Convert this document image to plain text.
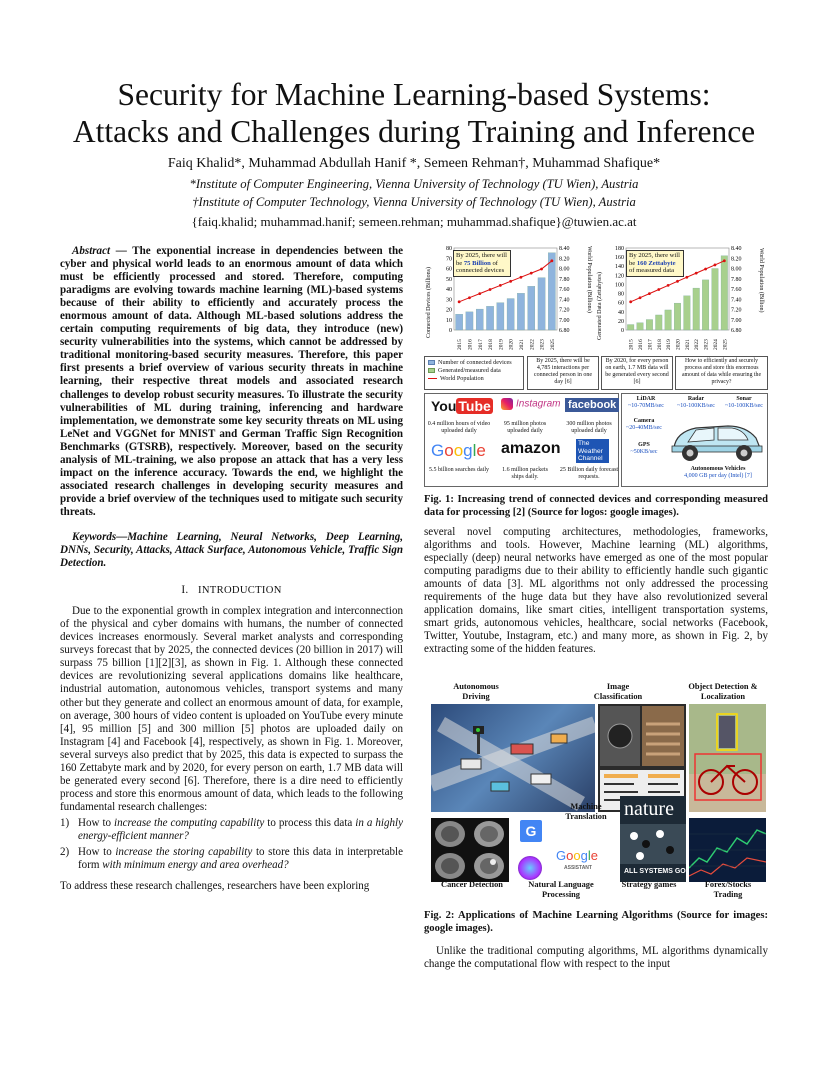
Security for Machine Learning-based Systems:
Attacks and Challenges during Training and Inference
Faiq Khalid*, Muhammad Abdullah Hanif *, Semeen Rehman†, Muhammad Shafique*
*Institute of Computer Engineering, Vienna University of Technology (TU Wien), Austria
†Institute of Computer Technology, Vienna University of Technology (TU Wien), Austria
{faiq.khalid; muhammad.hanif; semeen.rehman; muhammad.shafique}@tuwien.ac.at

Abstract — The exponential increase in dependencies between the cyber and physical world leads to an enormous amount of data which must be efficiently processed and stored. Therefore, computing paradigms are evolving towards machine learning (ML)-based systems because of their ability to efficiently and accurately process the enormous amount of data. Although ML-based solutions address the certain computing requirements of big data, they introduce (new) security vulnerabilities into the systems, which cannot be addressed by traditional monitoring-based security measures. Therefore, this paper first presents a brief overview of various security threats in machine learning, their respective threat models and associated research challenges to develop robust security measures. To illustrate the security vulnerabilities of ML during training, inferencing and hardware implementation, we demonstrate some key security threats on ML using LeNet and VGGNet for MNIST and German Traffic Sign Recognition Benchmarks (GTSRB), respectively. Moreover, based on the security analysis of ML-training, we also propose an attack that has a very less impact on the inference accuracy. Towards the end, we highlight the associated research challenges in developing security measures and provide a brief overview of the techniques used to mitigate such security threats.

Keywords—Machine Learning, Neural Networks, Deep Learning, DNNs, Security, Attacks, Attack Surface, Autonomous Vehicle, Traffic Sign Detection.

I. INTRODUCTION

Due to the exponential growth in complex integration and interconnection of the physical and cyber domains with humans, the number of connected devices increases enormously. Several market analysts and corresponding surveys forecast that by 2025, the connected devices (20 billion in 2017) will surpass 75 billion [1][2][3], as shown in Fig. 1. Although these connected devices are revolutionizing several applications domains like healthcare, industrial automation, autonomous vehicles, transport systems and many other but they generate and collect an enormous amount of data, for example, on average, 300 hours of video content is uploaded on YouTube every minute [4], 95 million [5] and 300 million [5] photos are uploaded daily on Instagram [4] and Facebook [4], respectively, as shown in Fig. 1. Moreover, several surveys also predict that by 2025, this data is expected to surpass the 160 Zettabyte mark and by 2020, for every person on earth, 1.7 MB data will be generated every second [6]. Therefore, there is a dire need to efficiently process and store this enormous amount of data, which leads to the following fundamental research challenges:

1) How to increase the computing capability to process this data in a highly energy-efficient manner?
2) How to increase the storing capability to store this data in interpretable form with minimum energy and area overhead?

To address these research challenges, researchers have been exploring

80
70
60
50
40
30
20
10
0
8.40
8.20
8.00
7.80
7.60
7.40
7.20
7.00
6.80
2015 2016 2017 2018 2019 2020 2021 2022 2023 2025
Connected Devices (Billions)	World Population (Billions)
By 2025, there will
be 75 Billion of
connected devices
180
160
140
120
100
80
60
40
20
0
8.40
8.20
8.00
7.80
7.60
7.40
7.20
7.00
6.80
2015 2016 2017 2018 2019 2020 2021 2022 2023 2024 2025
Generated Data (Zettabytes)	World Population (Billion)
By 2025, there will
be 160 Zettabyte
of measured data
Number of connected devices
Generated/measured data
World Population
By 2025, there will be 4,785 interactions per connected person in one day [6]
By 2020, for every person on earth, 1.7 MB data will be generated every second [6]
How to efficiently and securely process and store this enormous amount of data while ensuring the privacy?
You Tube	Instagram facebook
0.4 million hours of video uploaded daily
95 million photos uploaded daily
300 million photos uploaded daily
Google amazon	The
Weather
Channel
5.5 billion searches daily	1.6 million packets ships daily.
25 Billion daily forecast requests.
LiDAR
~10-70MB/sec
Radar
~10-100KB/sec
Sonar
~10-100KB/sec
Camera
~20-40MB/sec
GPS
~50KB/sec
Autonomous Vehicles
4,000 GB per day (Intel) [7]
Fig. 1: Increasing trend of connected devices and corresponding measured data for processing [2] (Source for logos: google images).

several novel computing architectures, methodologies, frameworks, algorithms and tools. However, Machine learning (ML) algorithms, especially (deep) neural networks have emerged as one of the most popular computing paradigms due to their ability to efficiently handle such gigantic amounts of data [3]. ML algorithms not only addressed the processing requirements of the huge data but they have also revolutionized several application domains, like smart cities, intelligent transportation systems, smart grids, autonomous vehicles, healthcare, social networks (Facebook, Twitter, Youtube, Instagram, etc.) and many more, as shown in Fig. 2, by extracting some of the hidden features.

Autonomous Driving
Image Classification
Object Detection & Localization
G
Google
ASSISTANT
Machine Translation nature
ALL SYSTEMS GO
Cancer Detection	Natural Language Processing
Strategy games	Forex/Stocks Trading
Fig. 2: Applications of Machine Learning Algorithms (Source for images: google images).

Unlike the traditional computing algorithms, ML algorithms dynamically change the computational flow with respect to the input
